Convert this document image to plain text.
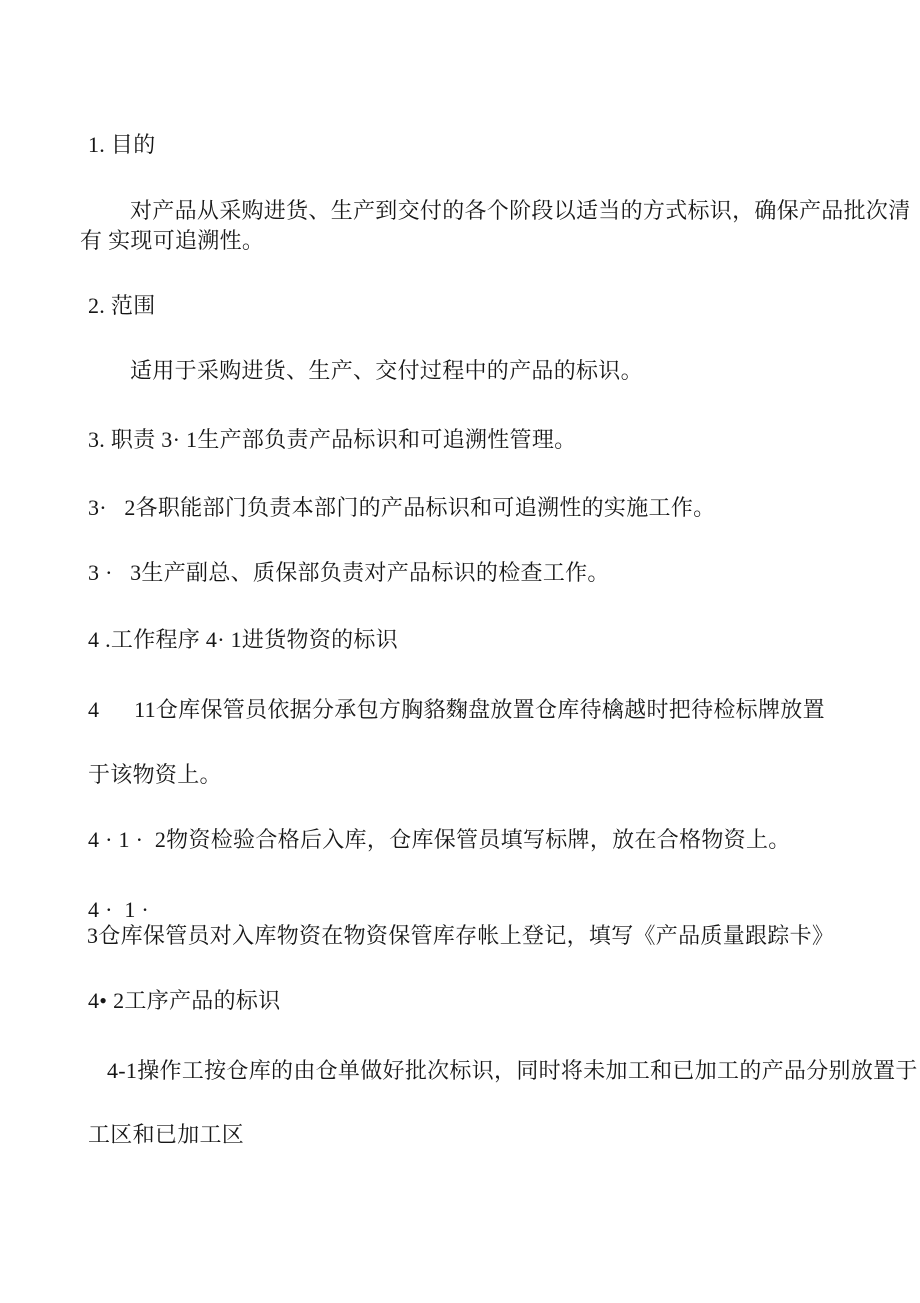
1. 目的
对产品从采购进货、生产到交付的各个阶段以适当的方式标识，确保产品批次清
有 实现可追溯性。
2. 范围
适用于采购进货、生产、交付过程中的产品的标识。
3. 职责 3· 1生产部负责产品标识和可追溯性管理。
3·   2各职能部门负责本部门的产品标识和可追溯性的实施工作。
3 ·   3生产副总、质保部负责对产品标识的检查工作。
4 .工作程序 4· 1进货物资的标识
4      11仓库保管员依据分承包方胸貉麴盘放置仓库待檎越时把待检标牌放置
于该物资上。
4 · 1 ·  2物资检验合格后入库，仓库保管员填写标牌，放在合格物资上。
4 ·  1 ·
3仓库保管员对入库物资在物资保管库存帐上登记，填写《产品质量跟踪卡》
4• 2工序产品的标识
4-1操作工按仓库的由仓单做好批次标识，同时将未加工和已加工的产品分别放置于
工区和已加工区
